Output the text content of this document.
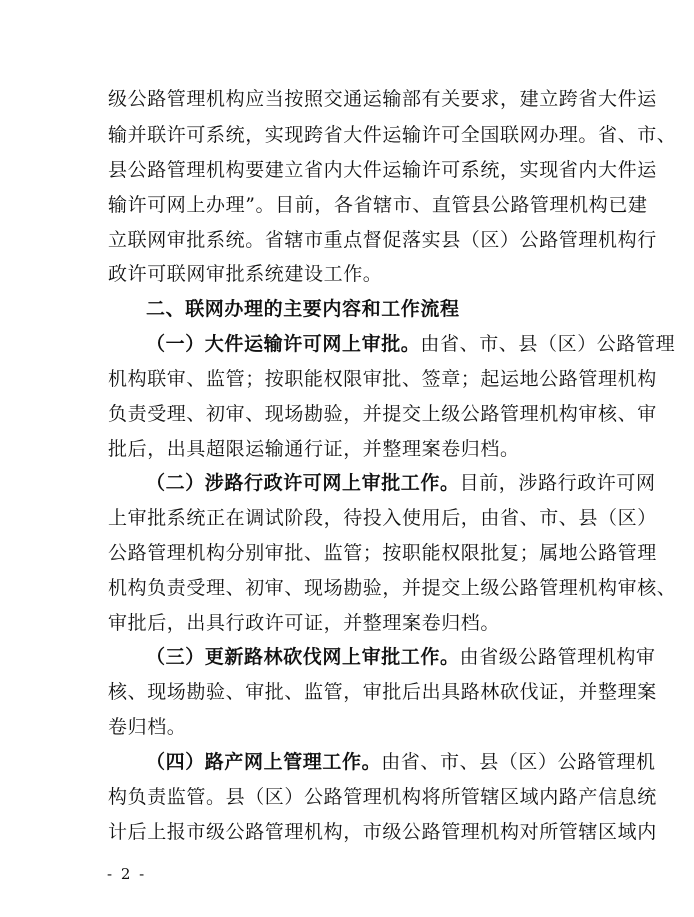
级公路管理机构应当按照交通运输部有关要求，建立跨省大件运
输并联许可系统，实现跨省大件运输许可全国联网办理。省、市、
县公路管理机构要建立省内大件运输许可系统，实现省内大件运
输许可网上办理”。目前，各省辖市、直管县公路管理机构已建
立联网审批系统。省辖市重点督促落实县（区）公路管理机构行
政许可联网审批系统建设工作。
二、联网办理的主要内容和工作流程
（一）大件运输许可网上审批。由省、市、县（区）公路管理
机构联审、监管；按职能权限审批、签章；起运地公路管理机构
负责受理、初审、现场勘验，并提交上级公路管理机构审核、审
批后，出具超限运输通行证，并整理案卷归档。
（二）涉路行政许可网上审批工作。目前，涉路行政许可网
上审批系统正在调试阶段，待投入使用后，由省、市、县（区）
公路管理机构分别审批、监管；按职能权限批复；属地公路管理
机构负责受理、初审、现场勘验，并提交上级公路管理机构审核、
审批后，出具行政许可证，并整理案卷归档。
（三）更新路林砍伐网上审批工作。由省级公路管理机构审
核、现场勘验、审批、监管，审批后出具路林砍伐证，并整理案
卷归档。
（四）路产网上管理工作。由省、市、县（区）公路管理机
构负责监管。县（区）公路管理机构将所管辖区域内路产信息统
计后上报市级公路管理机构，市级公路管理机构对所管辖区域内
- 2 -
